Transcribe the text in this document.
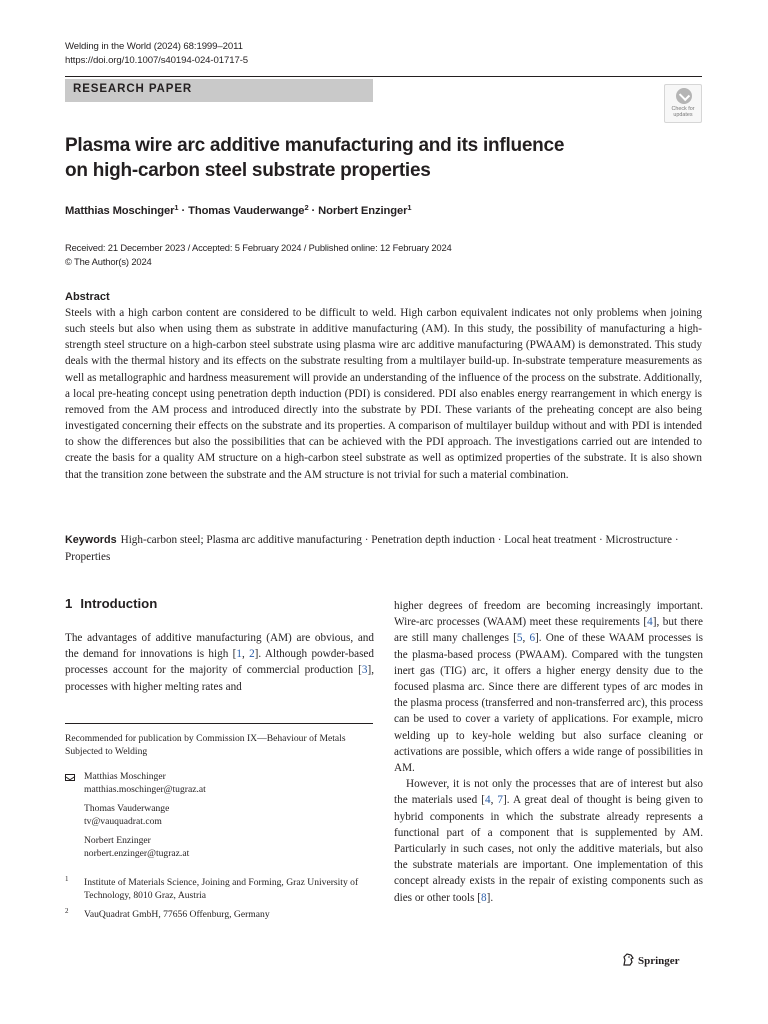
Welding in the World (2024) 68:1999–2011
https://doi.org/10.1007/s40194-024-01717-5
RESEARCH PAPER
Check for updates
Plasma wire arc additive manufacturing and its influence
on high-carbon steel substrate properties
Matthias Moschinger$^1$ · Thomas Vauderwange$^2$ · Norbert Enzinger$^1$
Received: 21 December 2023 / Accepted: 5 February 2024 / Published online: 12 February 2024
© The Author(s) 2024
Abstract
Steels with a high carbon content are considered to be difficult to weld. High carbon equivalent indicates not only problems when joining such steels but also when using them as substrate in additive manufacturing (AM). In this study, the possibility of manufacturing a high-strength steel structure on a high-carbon steel substrate using plasma wire arc additive manufacturing (PWAAM) is demonstrated. This study deals with the thermal history and its effects on the substrate resulting from a multilayer build-up. In-substrate temperature measurements as well as metallographic and hardness measurement will provide an understanding of the influence of the process on the substrate. Additionally, a local pre-heating concept using penetration depth induction (PDI) is considered. PDI also enables energy rearrangement in which energy is removed from the AM process and introduced directly into the substrate by PDI. These variants of the preheating concept are also being investigated concerning their effects on the substrate and its properties. A comparison of multilayer buildup without and with PDI is intended to show the differences but also the possibilities that can be achieved with the PDI approach. The investigations carried out are intended to create the basis for a quality AM structure on a high-carbon steel substrate as well as optimized properties of the substrate. It is also shown that the transition zone between the substrate and the AM structure is not trivial for such a material combination.
Keywords High-carbon steel; Plasma arc additive manufacturing · Penetration depth induction · Local heat treatment · Microstructure · Properties
1 Introduction

The advantages of additive manufacturing (AM) are obvious, and the demand for innovations is high [1, 2]. Although powder-based processes account for the majority of commercial production [3], processes with higher melting rates and

higher degrees of freedom are becoming increasingly important. Wire-arc processes (WAAM) meet these requirements [4], but there are still many challenges [5, 6]. One of these WAAM processes is the plasma-based process (PWAAM). Compared with the tungsten inert gas (TIG) arc, it offers a higher energy density due to the focused plasma arc. Since there are different types of arc modes in the plasma process (transferred and non-transferred arc), this process can be used to cover a variety of applications. For example, micro welding up to key-hole welding but also surface cleaning or activations are possible, which offers a wide range of possibilities in AM.

However, it is not only the processes that are of interest but also the materials used [4, 7]. A great deal of thought is being given to hybrid components in which the substrate already represents a functional part of a component that is supplemented by AM. Particularly in such cases, not only the additive materials, but also the substrate materials are important. One implementation of this concept already exists in the repair of existing components such as dies or other tools [8].

Recommended for publication by Commission IX—Behaviour of Metals Subjected to Welding
Matthias Moschinger
matthias.moschinger@tugraz.at
Thomas Vauderwange
tv@vauquadrat.com
Norbert Enzinger
norbert.enzinger@tugraz.at
1 Institute of Materials Science, Joining and Forming, Graz University of Technology, 8010 Graz, Austria
2 VauQuadrat GmbH, 77656 Offenburg, Germany
Springer
